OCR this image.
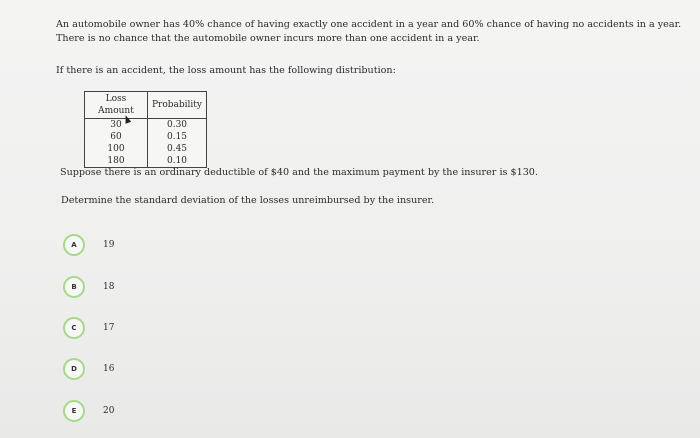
An automobile owner has 40% chance of having exactly one accident in a year and 60% chance of having no accidents in a year. There is no chance that the automobile owner incurs more than one accident in a year.

If there is an accident, the loss amount has the following distribution:

Loss Amount	Probability
30	0.30
60	0.15
100	0.45
180	0.10

Suppose there is an ordinary deductible of $40 and the maximum payment by the insurer is $130.

Determine the standard deviation of the losses unreimbursed by the insurer.

A	19
B	18
C	17
D	16
E	20
